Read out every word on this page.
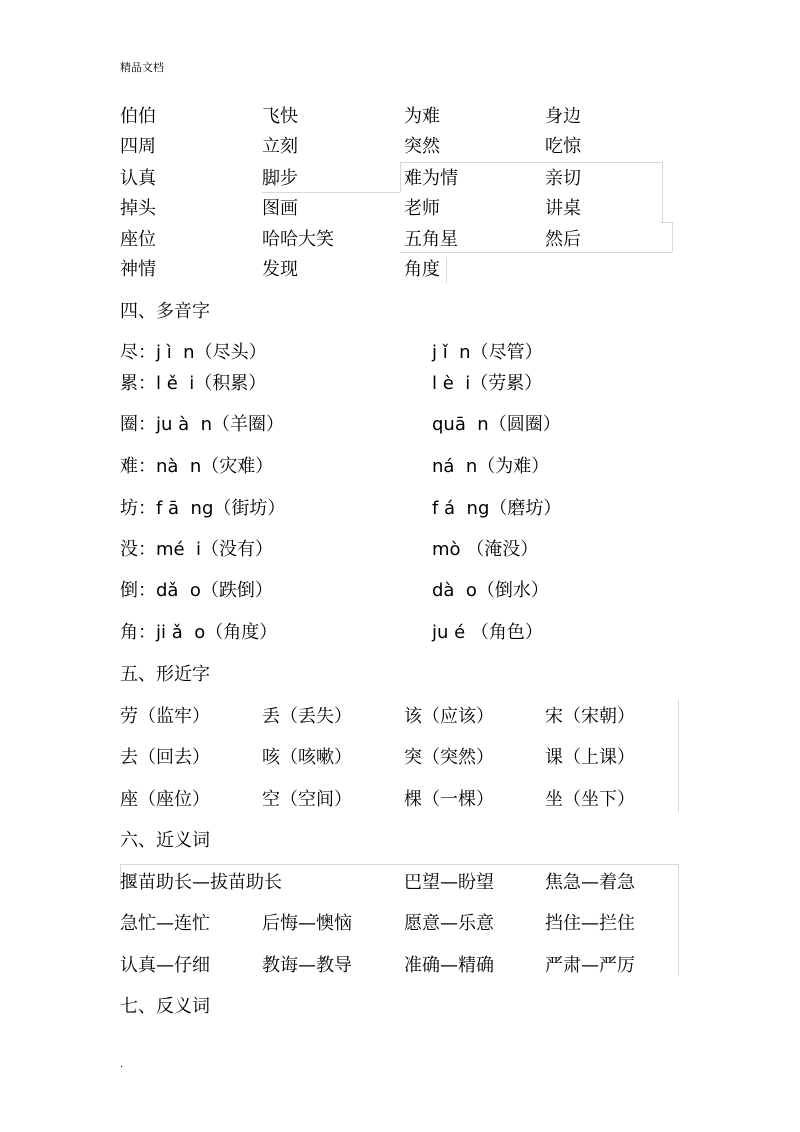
精品文档
伯伯	飞快	为难	身边
四周	立刻	突然	吃惊
认真	脚步	难为情	亲切
掉头	图画	老师	讲桌
座位	哈哈大笑	五角星	然后
神情	发现	角度
四、多音字
尽：j ì  n（尽头）	j ǐ  n（尽管）
累：l ě  i（积累）	l è  i（劳累）
圈：ju à  n（羊圈）	quā  n（圆圈）
难：nà  n（灾难）	ná  n（为难）
坊：f ā  ng（街坊）	f á  ng（磨坊）
没：mé  i（没有）	mò （淹没）
倒：dǎ  o（跌倒）	dà  o（倒水）
角：ji ǎ  o（角度）	ju é （角色）
五、形近字
劳（监牢）	丢（丢失）	该（应该）	宋（宋朝）
去（回去）	咳（咳嗽）	突（突然）	课（上课）
座（座位）	空（空间）	棵（一棵）	坐（坐下）
六、近义词
揠苗助长—拔苗助长	巴望—盼望	焦急—着急
急忙—连忙	后悔—懊恼	愿意—乐意	挡住—拦住
认真—仔细	教诲—教导	准确—精确	严肃—严厉
七、反义词
.
